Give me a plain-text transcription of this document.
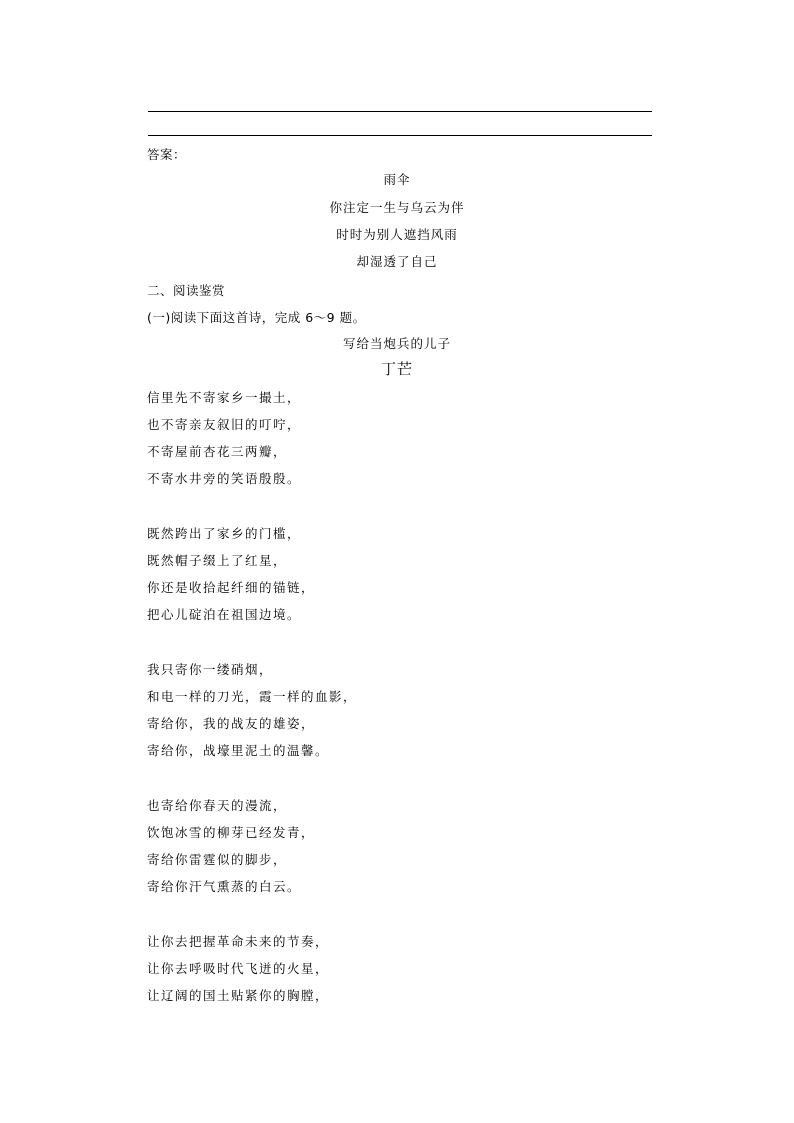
答案：
雨伞
你注定一生与乌云为伴
时时为别人遮挡风雨
却湿透了自己
二、阅读鉴赏
(一)阅读下面这首诗，完成 6～9 题。
写给当炮兵的儿子
丁芒
信里先不寄家乡一撮土，
也不寄亲友叙旧的叮咛，
不寄屋前杏花三两瓣，
不寄水井旁的笑语殷殷。
既然跨出了家乡的门槛，
既然帽子缀上了红星，
你还是收拾起纤细的锚链，
把心儿碇泊在祖国边境。
我只寄你一缕硝烟，
和电一样的刀光，霞一样的血影，
寄给你，我的战友的雄姿，
寄给你，战壕里泥土的温馨。
也寄给你春天的漫流，
饮饱冰雪的柳芽已经发青，
寄给你雷霆似的脚步，
寄给你汗气熏蒸的白云。
让你去把握革命未来的节奏，
让你去呼吸时代飞迸的火星，
让辽阔的国土贴紧你的胸膛，
